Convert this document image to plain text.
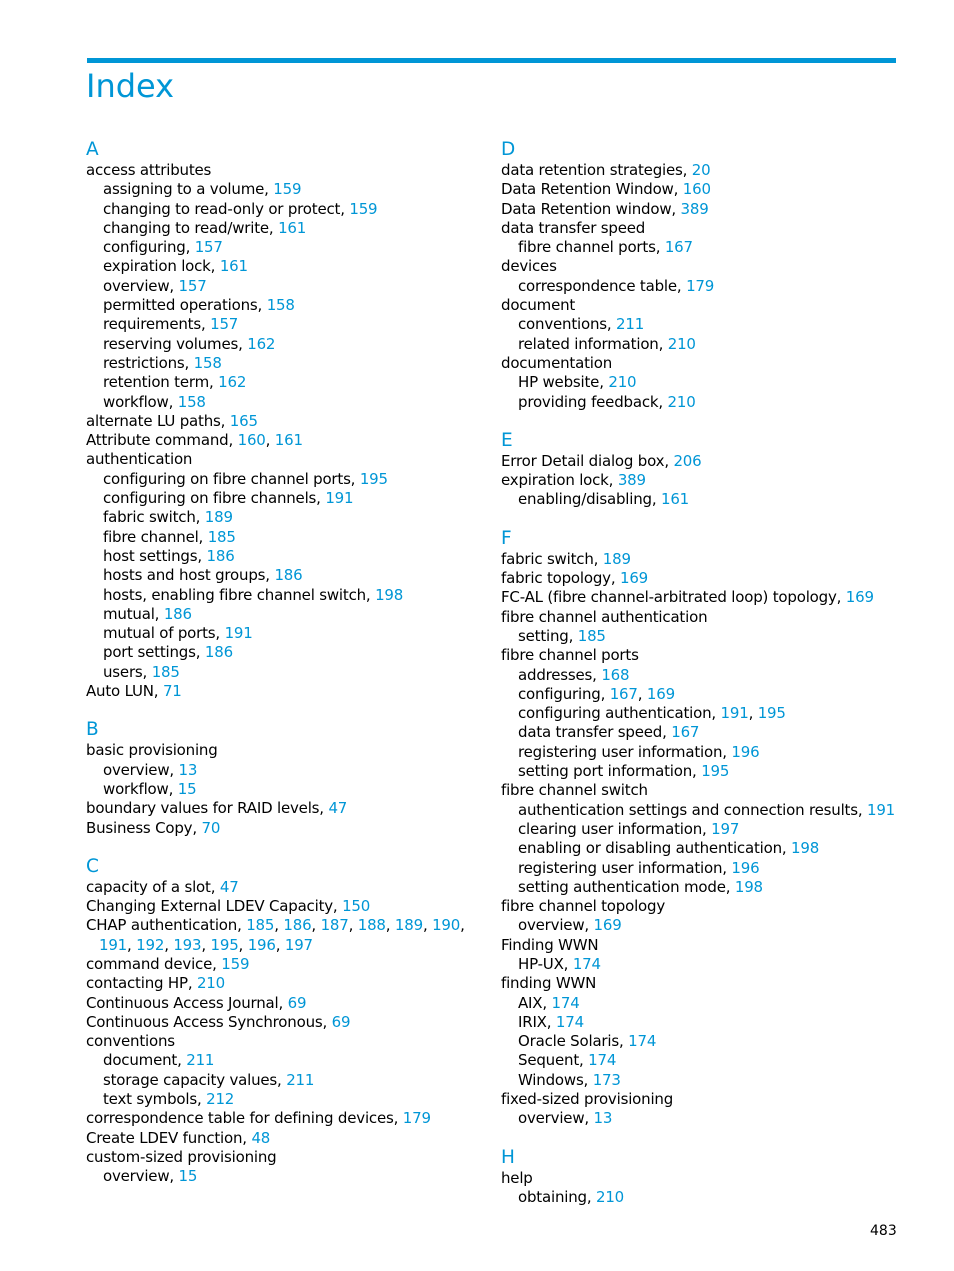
Index
A
access attributes
assigning to a volume, 159
changing to read-only or protect, 159
changing to read/write, 161
configuring, 157
expiration lock, 161
overview, 157
permitted operations, 158
requirements, 157
reserving volumes, 162
restrictions, 158
retention term, 162
workflow, 158
alternate LU paths, 165
Attribute command, 160, 161
authentication
configuring on fibre channel ports, 195
configuring on fibre channels, 191
fabric switch, 189
fibre channel, 185
host settings, 186
hosts and host groups, 186
hosts, enabling fibre channel switch, 198
mutual, 186
mutual of ports, 191
port settings, 186
users, 185
Auto LUN, 71
B
basic provisioning
overview, 13
workflow, 15
boundary values for RAID levels, 47
Business Copy, 70
C
capacity of a slot, 47
Changing External LDEV Capacity, 150
CHAP authentication, 185, 186, 187, 188, 189, 190,
191, 192, 193, 195, 196, 197
command device, 159
contacting HP, 210
Continuous Access Journal, 69
Continuous Access Synchronous, 69
conventions
document, 211
storage capacity values, 211
text symbols, 212
correspondence table for defining devices, 179
Create LDEV function, 48
custom-sized provisioning
overview, 15
D
data retention strategies, 20
Data Retention Window, 160
Data Retention window, 389
data transfer speed
fibre channel ports, 167
devices
correspondence table, 179
document
conventions, 211
related information, 210
documentation
HP website, 210
providing feedback, 210
E
Error Detail dialog box, 206
expiration lock, 389
enabling/disabling, 161
F
fabric switch, 189
fabric topology, 169
FC-AL (fibre channel-arbitrated loop) topology, 169
fibre channel authentication
setting, 185
fibre channel ports
addresses, 168
configuring, 167, 169
configuring authentication, 191, 195
data transfer speed, 167
registering user information, 196
setting port information, 195
fibre channel switch
authentication settings and connection results, 191
clearing user information, 197
enabling or disabling authentication, 198
registering user information, 196
setting authentication mode, 198
fibre channel topology
overview, 169
Finding WWN
HP-UX, 174
finding WWN
AIX, 174
IRIX, 174
Oracle Solaris, 174
Sequent, 174
Windows, 173
fixed-sized provisioning
overview, 13
H
help
obtaining, 210
483
